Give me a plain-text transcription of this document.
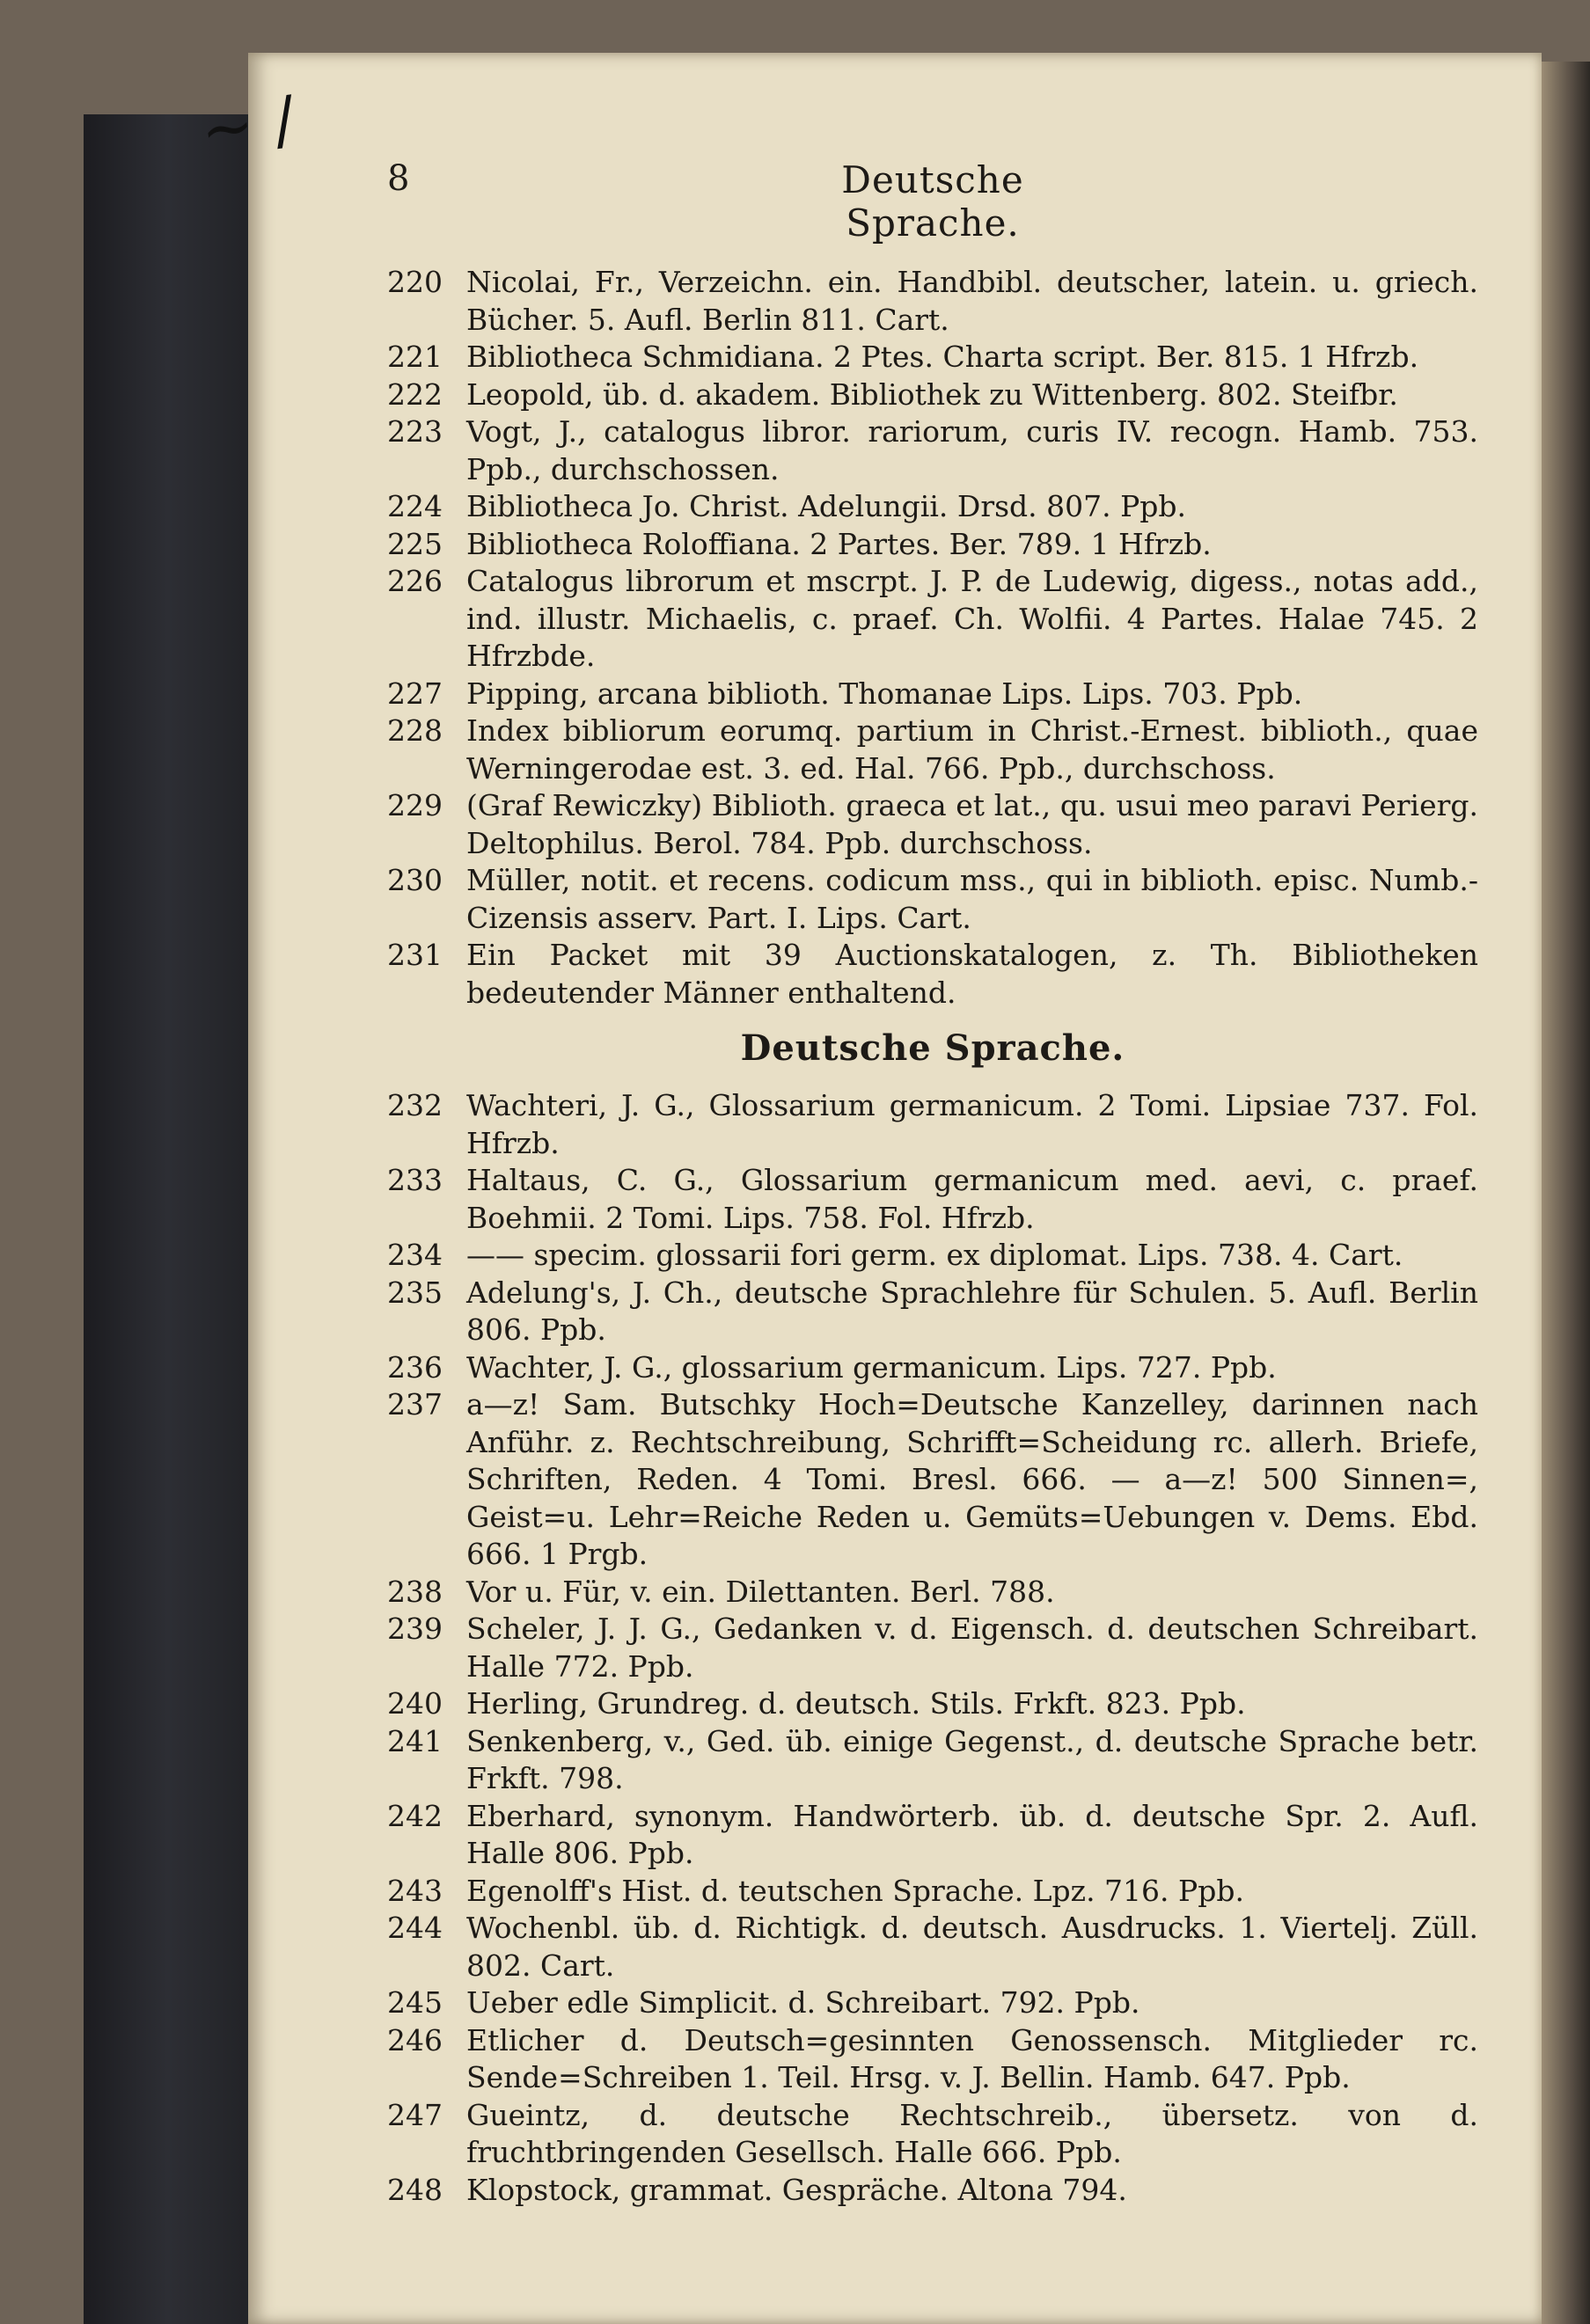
~ /
8	Deutsche Sprache.
220 Nicolai, Fr., Verzeichn. ein. Handbibl. deutscher, latein. u. griech. Bücher. 5. Aufl. Berlin 811. Cart.
221 Bibliotheca Schmidiana. 2 Ptes. Charta script. Ber. 815. 1 Hfrzb.
222 Leopold, üb. d. akadem. Bibliothek zu Wittenberg. 802. Steifbr.
223 Vogt, J., catalogus libror. rariorum, curis IV. recogn. Hamb. 753. Ppb., durchschossen.
224 Bibliotheca Jo. Christ. Adelungii. Drsd. 807. Ppb.
225 Bibliotheca Roloffiana. 2 Partes. Ber. 789. 1 Hfrzb.
226 Catalogus librorum et mscrpt. J. P. de Ludewig, digess., notas add., ind. illustr. Michaelis, c. praef. Ch. Wolfii. 4 Partes. Halae 745. 2 Hfrzbde.
227 Pipping, arcana biblioth. Thomanae Lips. Lips. 703. Ppb.
228 Index bibliorum eorumq. partium in Christ.-Ernest. biblioth., quae Werningerodae est. 3. ed. Hal. 766. Ppb., durchschoss.
229 (Graf Rewiczky) Biblioth. graeca et lat., qu. usui meo paravi Perierg. Deltophilus. Berol. 784. Ppb. durchschoss.
230 Müller, notit. et recens. codicum mss., qui in biblioth. episc. Numb.-Cizensis asserv. Part. I. Lips. Cart.
231 Ein Packet mit 39 Auctionskatalogen, z. Th. Bibliotheken bedeutender Männer enthaltend.
Deutsche Sprache.
232 Wachteri, J. G., Glossarium germanicum. 2 Tomi. Lipsiae 737. Fol. Hfrzb.
233 Haltaus, C. G., Glossarium germanicum med. aevi, c. praef. Boehmii. 2 Tomi. Lips. 758. Fol. Hfrzb.
234 —— specim. glossarii fori germ. ex diplomat. Lips. 738. 4. Cart.
235 Adelung's, J. Ch., deutsche Sprachlehre für Schulen. 5. Aufl. Berlin 806. Ppb.
236 Wachter, J. G., glossarium germanicum. Lips. 727. Ppb.
237 a—z! Sam. Butschky Hoch=Deutsche Kanzelley, darinnen nach Anführ. z. Rechtschreibung, Schrifft=Scheidung rc. allerh. Briefe, Schriften, Reden. 4 Tomi. Bresl. 666. — a—z! 500 Sinnen=, Geist=u. Lehr=Reiche Reden u. Gemüts=Uebungen v. Dems. Ebd. 666. 1 Prgb.
238 Vor u. Für, v. ein. Dilettanten. Berl. 788.
239 Scheler, J. J. G., Gedanken v. d. Eigensch. d. deutschen Schreibart. Halle 772. Ppb.
240 Herling, Grundreg. d. deutsch. Stils. Frkft. 823. Ppb.
241 Senkenberg, v., Ged. üb. einige Gegenst., d. deutsche Sprache betr. Frkft. 798.
242 Eberhard, synonym. Handwörterb. üb. d. deutsche Spr. 2. Aufl. Halle 806. Ppb.
243 Egenolff's Hist. d. teutschen Sprache. Lpz. 716. Ppb.
244 Wochenbl. üb. d. Richtigk. d. deutsch. Ausdrucks. 1. Viertelj. Züll. 802. Cart.
245 Ueber edle Simplicit. d. Schreibart. 792. Ppb.
246 Etlicher d. Deutsch=gesinnten Genossensch. Mitglieder rc. Sende=Schreiben 1. Teil. Hrsg. v. J. Bellin. Hamb. 647. Ppb.
247 Gueintz, d. deutsche Rechtschreib., übersetz. von d. fruchtbringenden Gesellsch. Halle 666. Ppb.
248 Klopstock, grammat. Gespräche. Altona 794.
